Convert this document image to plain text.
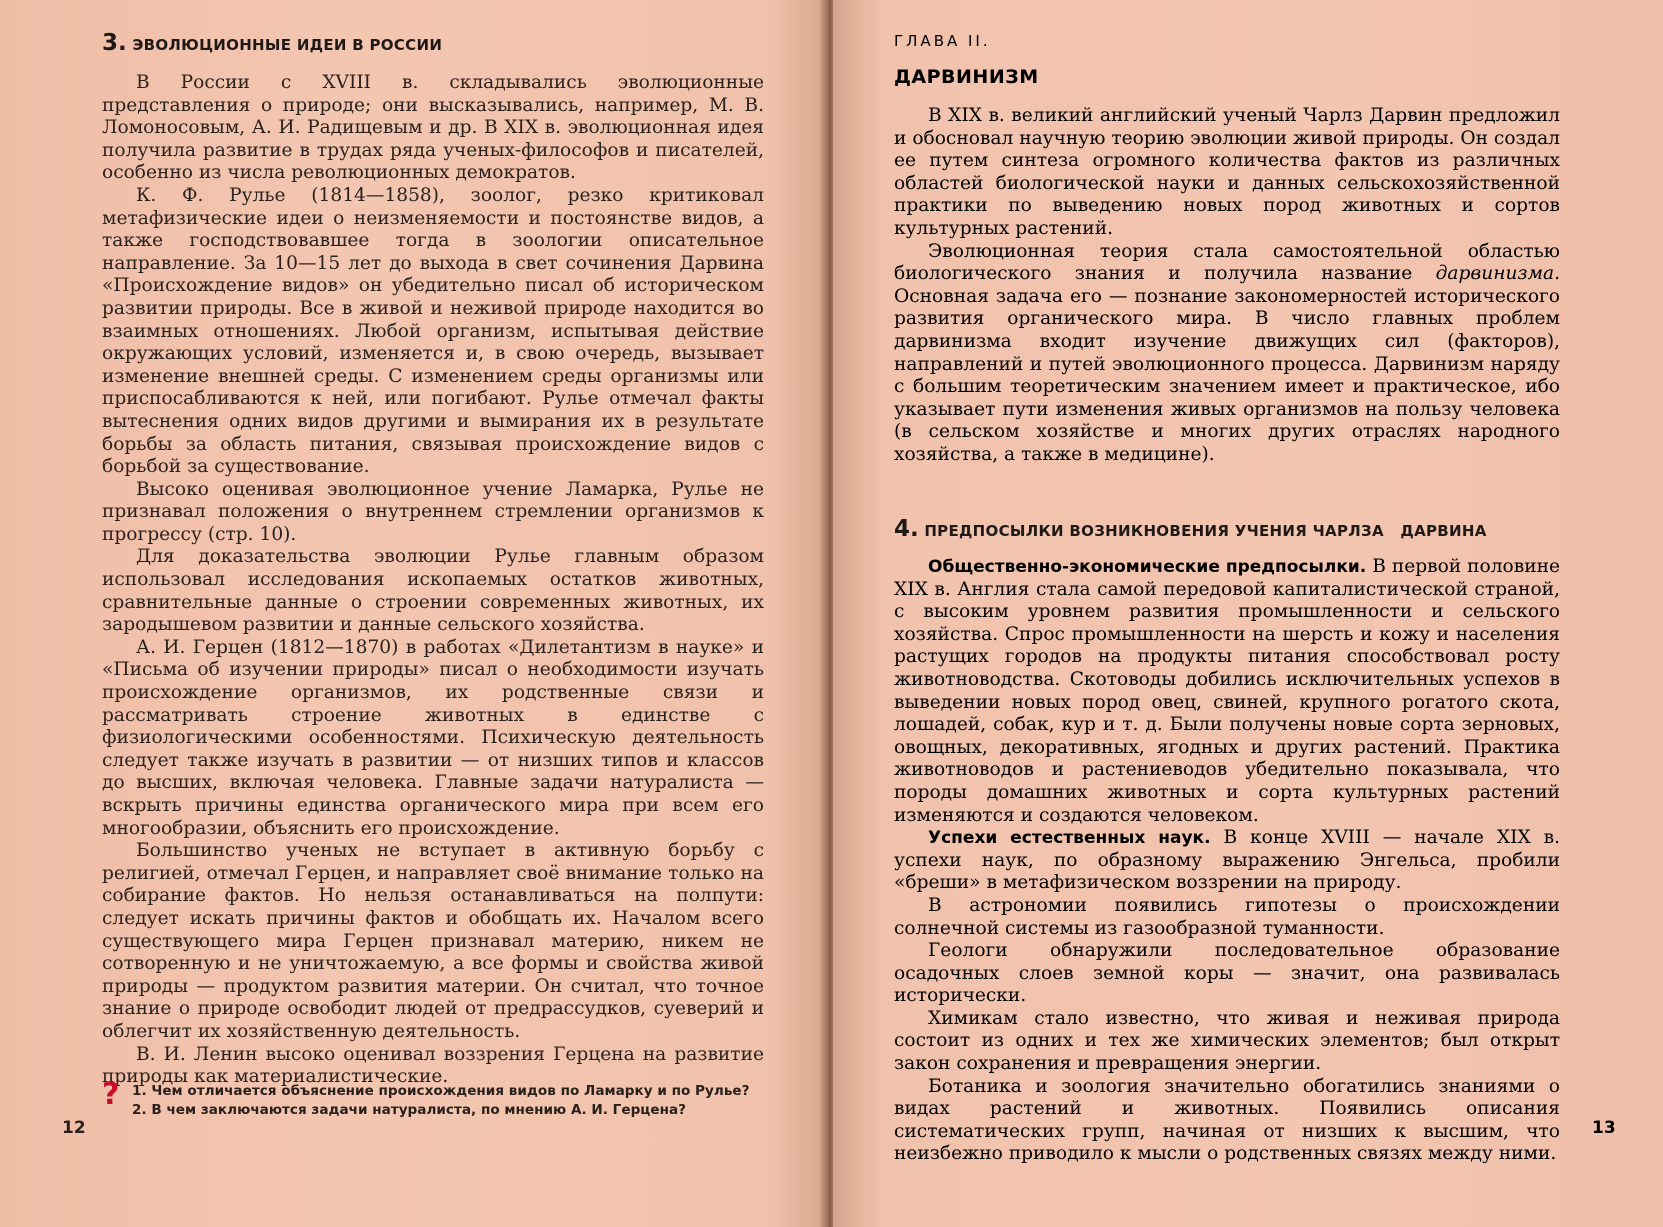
3. ЭВОЛЮЦИОННЫЕ ИДЕИ В РОССИИ

В России с XVIII в. складывались эволюционные представления о природе; они высказывались, например, М. В. Ломоносовым, А. И. Радищевым и др. В XIX в. эволюционная идея получила развитие в трудах ряда ученых-философов и писателей, особенно из числа революционных демократов.

К. Ф. Рулье (1814—1858), зоолог, резко критиковал метафизические идеи о неизменяемости и постоянстве видов, а также господствовавшее тогда в зоологии описательное направление. За 10—15 лет до выхода в свет сочинения Дарвина «Происхождение видов» он убедительно писал об историческом развитии природы. Все в живой и неживой природе находится во взаимных отношениях. Любой организм, испытывая действие окружающих условий, изменяется и, в свою очередь, вызывает изменение внешней среды. С изменением среды организмы или приспосабливаются к ней, или погибают. Рулье отмечал факты вытеснения одних видов другими и вымирания их в результате борьбы за область питания, связывая происхождение видов с борьбой за существование.

Высоко оценивая эволюционное учение Ламарка, Рулье не признавал положения о внутреннем стремлении организмов к прогрессу (стр. 10).

Для доказательства эволюции Рулье главным образом использовал исследования ископаемых остатков животных, сравнительные данные о строении современных животных, их зародышевом развитии и данные сельского хозяйства.

А. И. Герцен (1812—1870) в работах «Дилетантизм в науке» и «Письма об изучении природы» писал о необходимости изучать происхождение организмов, их родственные связи и рассматривать строение животных в единстве с физиологическими особенностями. Психическую деятельность следует также изучать в развитии — от низших типов и классов до высших, включая человека. Главные задачи натуралиста — вскрыть причины единства органического мира при всем его многообразии, объяснить его происхождение.

Большинство ученых не вступает в активную борьбу с религией, отмечал Герцен, и направляет своё внимание только на собирание фактов. Но нельзя останавливаться на полпути: следует искать причины фактов и обобщать их. Началом всего существующего мира Герцен признавал материю, никем не сотворенную и не уничтожаемую, а все формы и свойства живой природы — продуктом развития материи. Он считал, что точное знание о природе освободит людей от предрассудков, суеверий и облегчит их хозяйственную деятельность.

В. И. Ленин высоко оценивал воззрения Герцена на развитие природы как материалистические.

? 1. Чем отличается объяснение происхождения видов по Ламарку и по Рулье? 2. В чем заключаются задачи натуралиста, по мнению А. И. Герцена?
12
ГЛАВА II.
ДАРВИНИЗМ

В XIX в. великий английский ученый Чарлз Дарвин предложил и обосновал научную теорию эволюции живой природы. Он создал ее путем синтеза огромного количества фактов из различных областей биологической науки и данных сельскохозяйственной практики по выведению новых пород животных и сортов культурных растений.

Эволюционная теория стала самостоятельной областью биологического знания и получила название дарвинизма. Основная задача его — познание закономерностей исторического развития органического мира. В число главных проблем дарвинизма входит изучение движущих сил (факторов), направлений и путей эволюционного процесса. Дарвинизм наряду с большим теоретическим значением имеет и практическое, ибо указывает пути изменения живых организмов на пользу человека (в сельском хозяйстве и многих других отраслях народного хозяйства, а также в медицине).

4. ПРЕДПОСЫЛКИ ВОЗНИКНОВЕНИЯ УЧЕНИЯ ЧАРЛЗА   ДАРВИНА

Общественно-экономические предпосылки. В первой половине XIX в. Англия стала самой передовой капиталистической страной, с высоким уровнем развития промышленности и сельского хозяйства. Спрос промышленности на шерсть и кожу и населения растущих городов на продукты питания способствовал росту животноводства. Скотоводы добились исключительных успехов в выведении новых пород овец, свиней, крупного рогатого скота, лошадей, собак, кур и т. д. Были получены новые сорта зерновых, овощных, декоративных, ягодных и других растений. Практика животноводов и растениеводов убедительно показывала, что породы домашних животных и сорта культурных растений изменяются и создаются человеком.

Успехи естественных наук. В конце XVIII — начале XIX в. успехи наук, по образному выражению Энгельса, пробили «бреши» в метафизическом воззрении на природу.

В астрономии появились гипотезы о происхождении солнечной системы из газообразной туманности.

Геологи обнаружили последовательное образование осадочных слоев земной коры — значит, она развивалась исторически.

Химикам стало известно, что живая и неживая природа состоит из одних и тех же химических элементов; был открыт закон сохранения и превращения энергии.

Ботаника и зоология значительно обогатились знаниями о видах растений и животных. Появились описания систематических групп, начиная от низших к высшим, что неизбежно приводило к мысли о родственных связях между ними.

13
